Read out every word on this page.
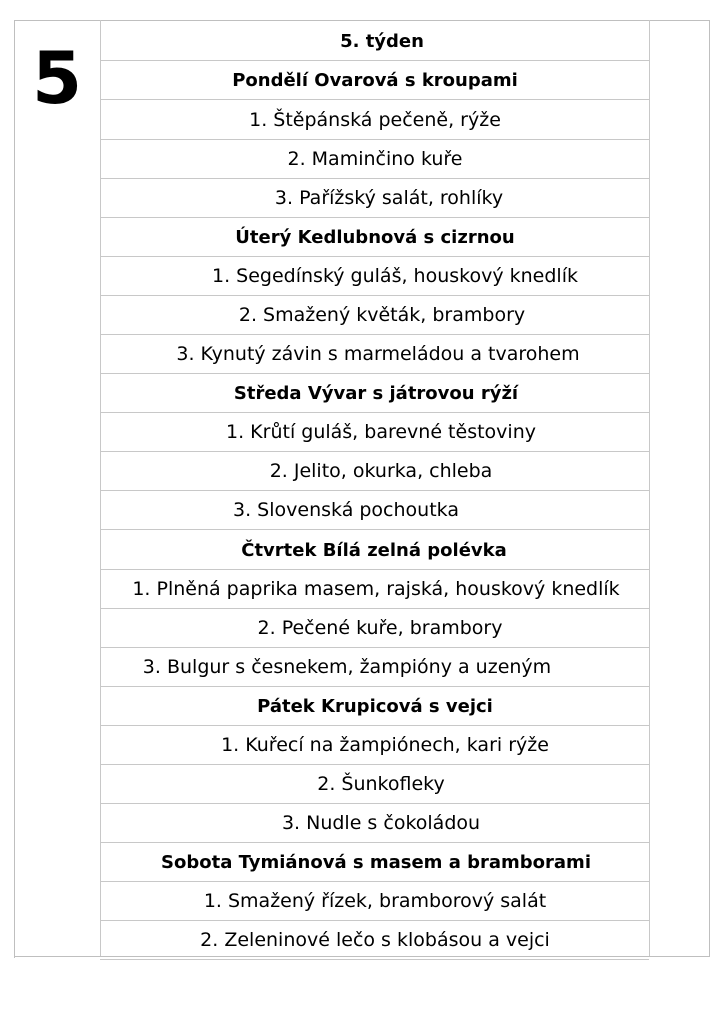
5	5. týden
Pondělí Ovarová s kroupami
1. Štěpánská pečeně, rýže
2. Maminčino kuře
3. Pařížský salát, rohlíky
Úterý Kedlubnová s cizrnou
1. Segedínský guláš, houskový knedlík
2. Smažený květák, brambory
3. Kynutý závin s marmeládou a tvarohem
Středa Vývar s játrovou rýží
1. Krůtí guláš, barevné těstoviny
2. Jelito, okurka, chleba
3. Slovenská pochoutka
Čtvrtek Bílá zelná polévka
1. Plněná paprika masem, rajská, houskový knedlík
2. Pečené kuře, brambory
3. Bulgur s česnekem, žampióny a uzeným
Pátek Krupicová s vejci
1. Kuřecí na žampiónech, kari rýže
2. Šunkofleky
3. Nudle s čokoládou
Sobota Tymiánová s masem a bramborami
1. Smažený řízek, bramborový salát
2. Zeleninové lečo s klobásou a vejci
